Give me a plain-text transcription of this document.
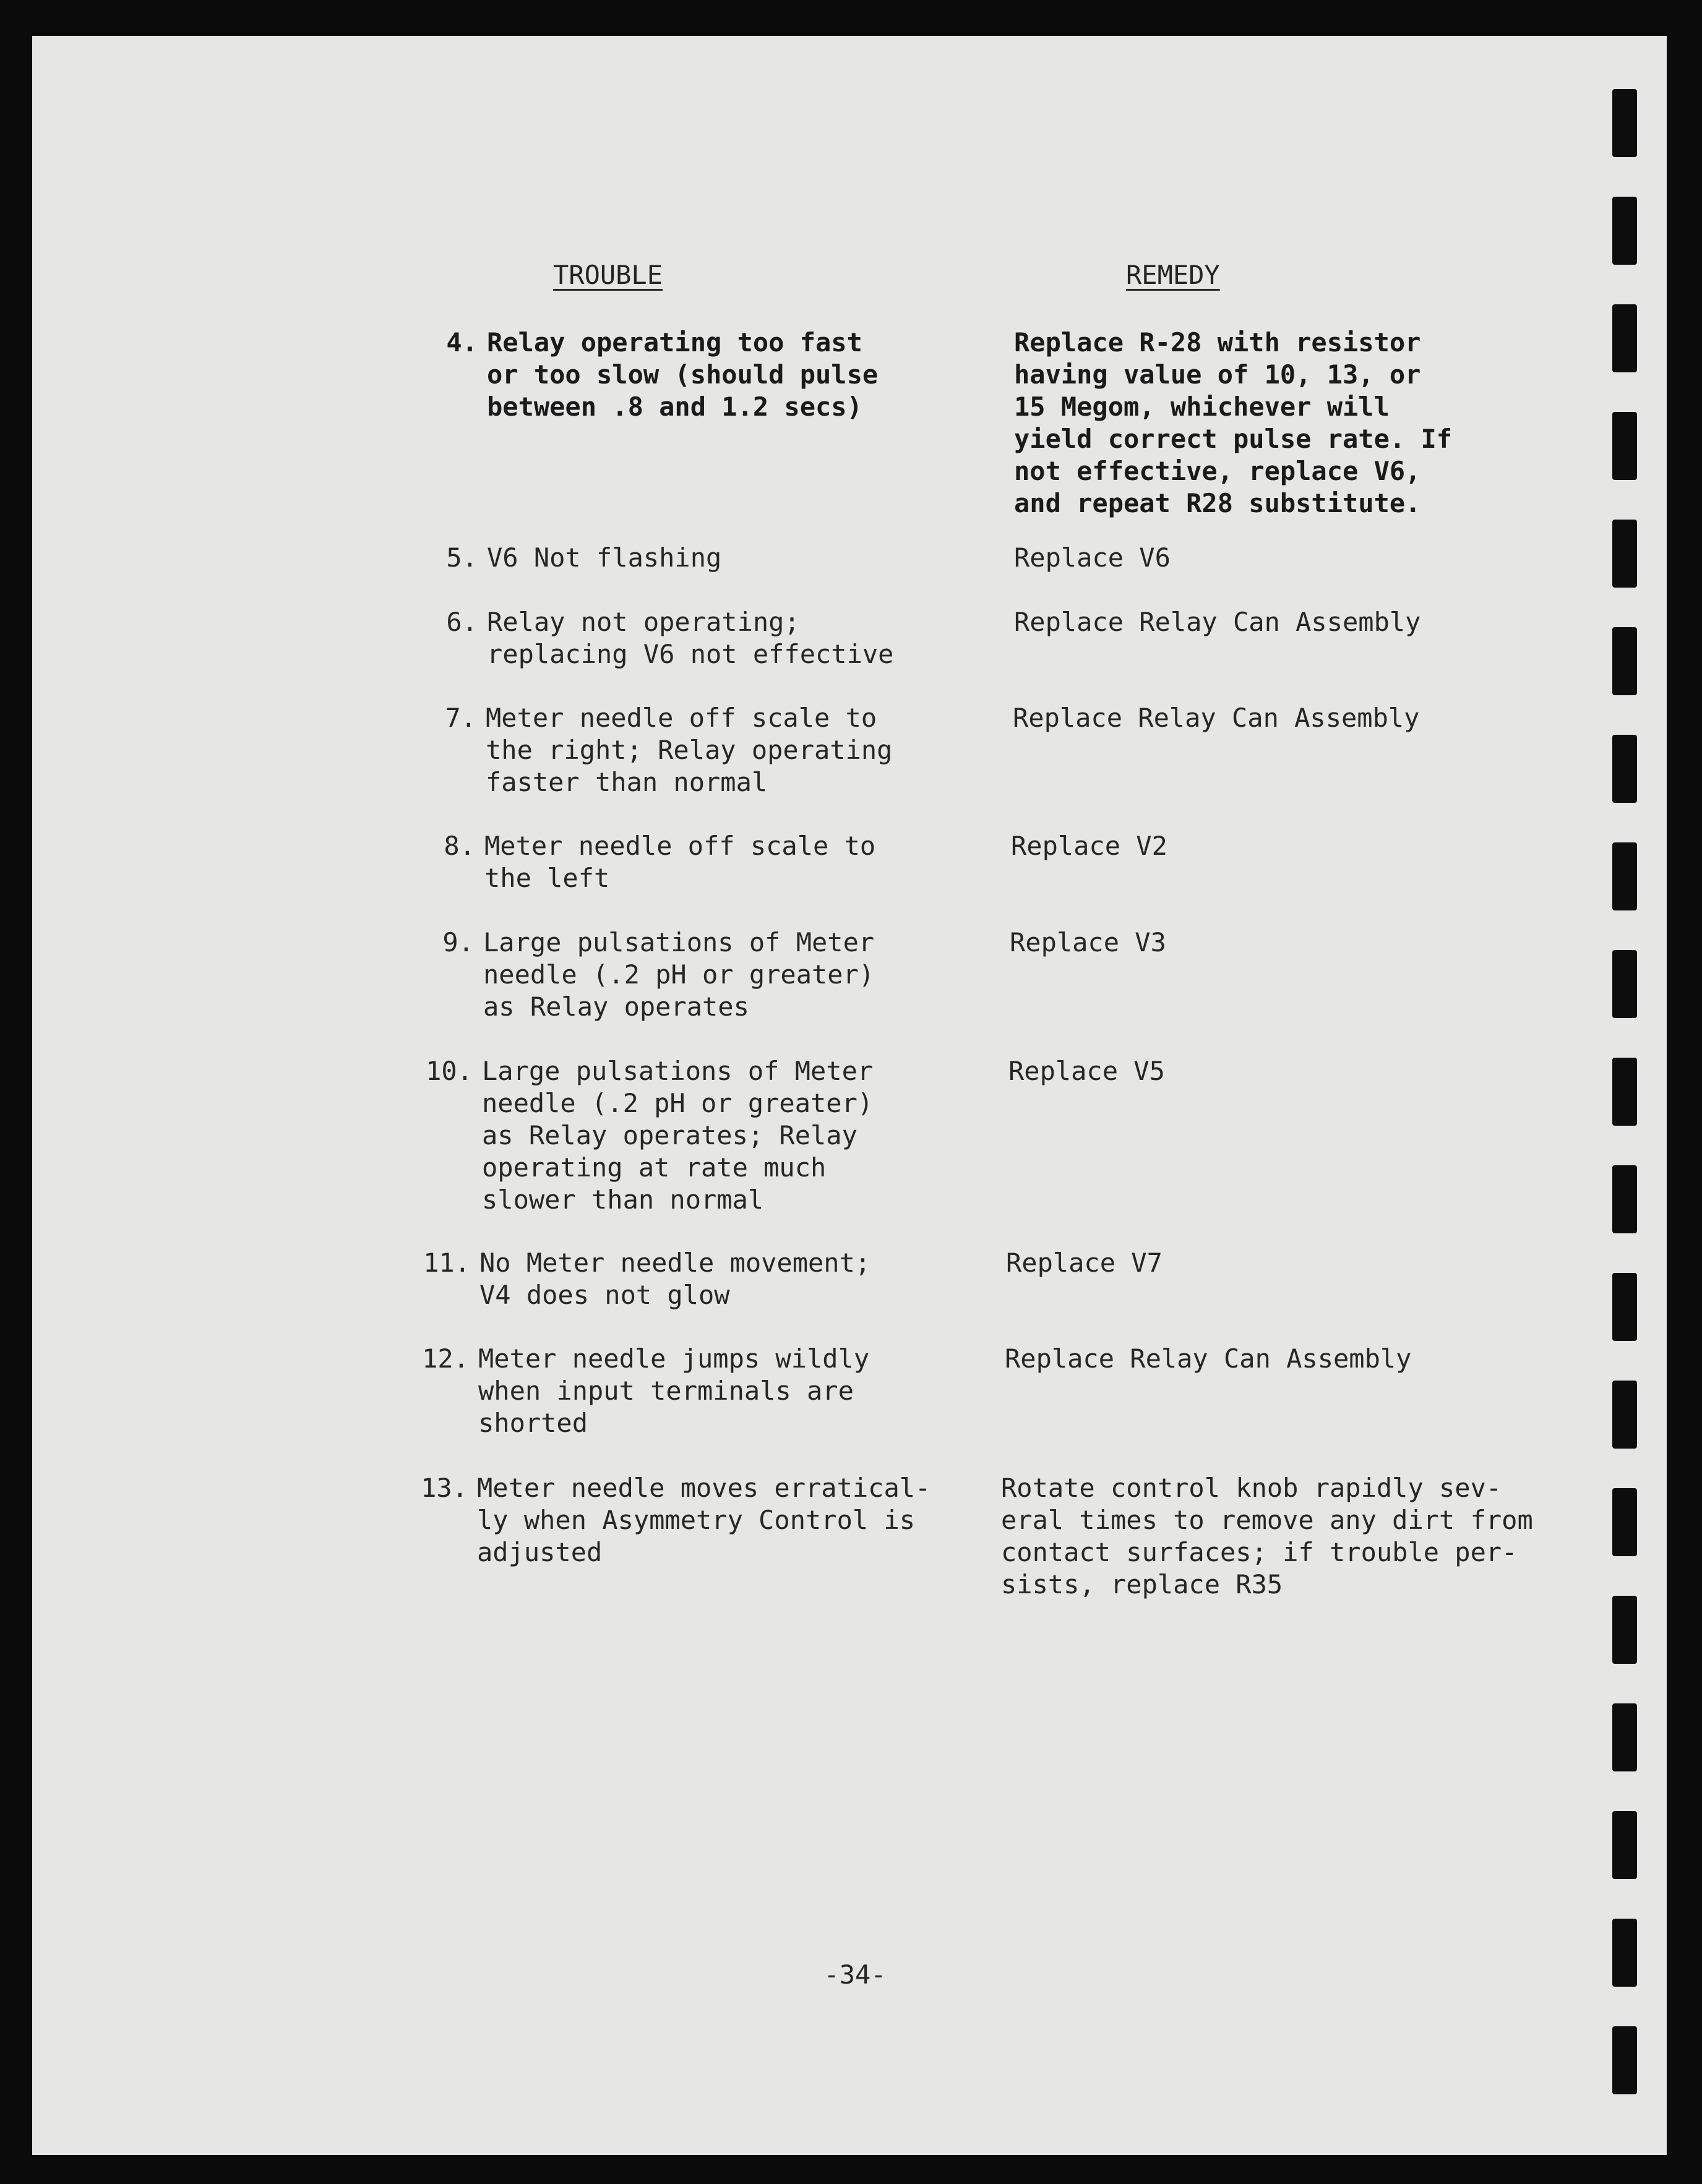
TROUBLE	REMEDY
4. Relay operating too fast
or too slow (should pulse
between .8 and 1.2 secs)
Replace R-28 with resistor
having value of 10, 13, or
15 Megom, whichever will
yield correct pulse rate. If
not effective, replace V6,
and repeat R28 substitute.
5. V6 Not flashing	Replace V6
6. Relay not operating;
replacing V6 not effective
Replace Relay Can Assembly
7. Meter needle off scale to
the right; Relay operating
faster than normal
Replace Relay Can Assembly
8. Meter needle off scale to
the left
Replace V2
9. Large pulsations of Meter
needle (.2 pH or greater)
as Relay operates
Replace V3
10. Large pulsations of Meter
needle (.2 pH or greater)
as Relay operates; Relay
operating at rate much
slower than normal
Replace V5
11. No Meter needle movement;
V4 does not glow
Replace V7
12. Meter needle jumps wildly
when input terminals are
shorted
Replace Relay Can Assembly
13. Meter needle moves erratical-
ly when Asymmetry Control is
adjusted
Rotate control knob rapidly sev-
eral times to remove any dirt from
contact surfaces; if trouble per-
sists, replace R35
-34-
